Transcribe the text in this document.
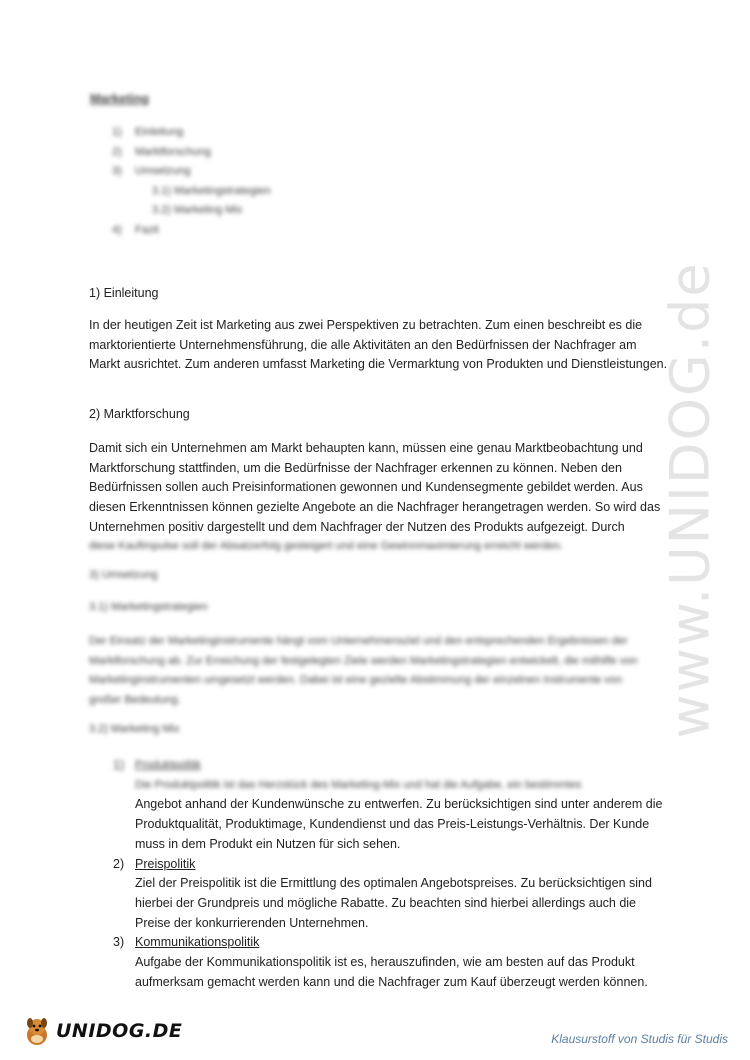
www.UNIDOG.de
Marketing
1)	Einleitung
2)	Marktforschung
3)	Umsetzung
3.1) Marketingstrategien
3.2) Marketing Mix
4)	Fazit
1) Einleitung
In der heutigen Zeit ist Marketing aus zwei Perspektiven zu betrachten. Zum einen beschreibt es die marktorientierte Unternehmensführung, die alle Aktivitäten an den Bedürfnissen der Nachfrager am Markt ausrichtet. Zum anderen umfasst Marketing die Vermarktung von Produkten und Dienstleistungen.
2) Marktforschung
Damit sich ein Unternehmen am Markt behaupten kann, müssen eine genau Marktbeobachtung und Marktforschung stattfinden, um die Bedürfnisse der Nachfrager erkennen zu können. Neben den Bedürfnissen sollen auch Preisinformationen gewonnen und Kundensegmente gebildet werden. Aus diesen Erkenntnissen können gezielte Angebote an die Nachfrager herangetragen werden. So wird das Unternehmen positiv dargestellt und dem Nachfrager der Nutzen des Produkts aufgezeigt. Durch
diese Kaufimpulse soll der Absatzerfolg gesteigert und eine Gewinnmaximierung erreicht werden.
3) Umsetzung
3.1) Marketingstrategien
Der Einsatz der Marketinginstrumente hängt vom Unternehmensziel und den entsprechenden Ergebnissen der Marktforschung ab. Zur Erreichung der festgelegten Ziele werden Marketingstrategien entwickelt, die mithilfe von Marketinginstrumenten umgesetzt werden. Dabei ist eine gezielte Abstimmung der einzelnen Instrumente von großer Bedeutung.
3.2) Marketing Mix
1) Produktpolitik
Die Produktpolitik ist das Herzstück des Marketing-Mix und hat die Aufgabe, ein bestimmtes
Angebot anhand der Kundenwünsche zu entwerfen. Zu berücksichtigen sind unter anderem die Produktqualität, Produktimage, Kundendienst und das Preis-Leistungs-Verhältnis. Der Kunde muss in dem Produkt ein Nutzen für sich sehen.
2) Preispolitik
Ziel der Preispolitik ist die Ermittlung des optimalen Angebotspreises. Zu berücksichtigen sind hierbei der Grundpreis und mögliche Rabatte. Zu beachten sind hierbei allerdings auch die Preise der konkurrierenden Unternehmen.
3) Kommunikationspolitik
Aufgabe der Kommunikationspolitik ist es, herauszufinden, wie am besten auf das Produkt aufmerksam gemacht werden kann und die Nachfrager zum Kauf überzeugt werden können.
UNIDOG.DE	Klausurstoff von Studis für Studis
